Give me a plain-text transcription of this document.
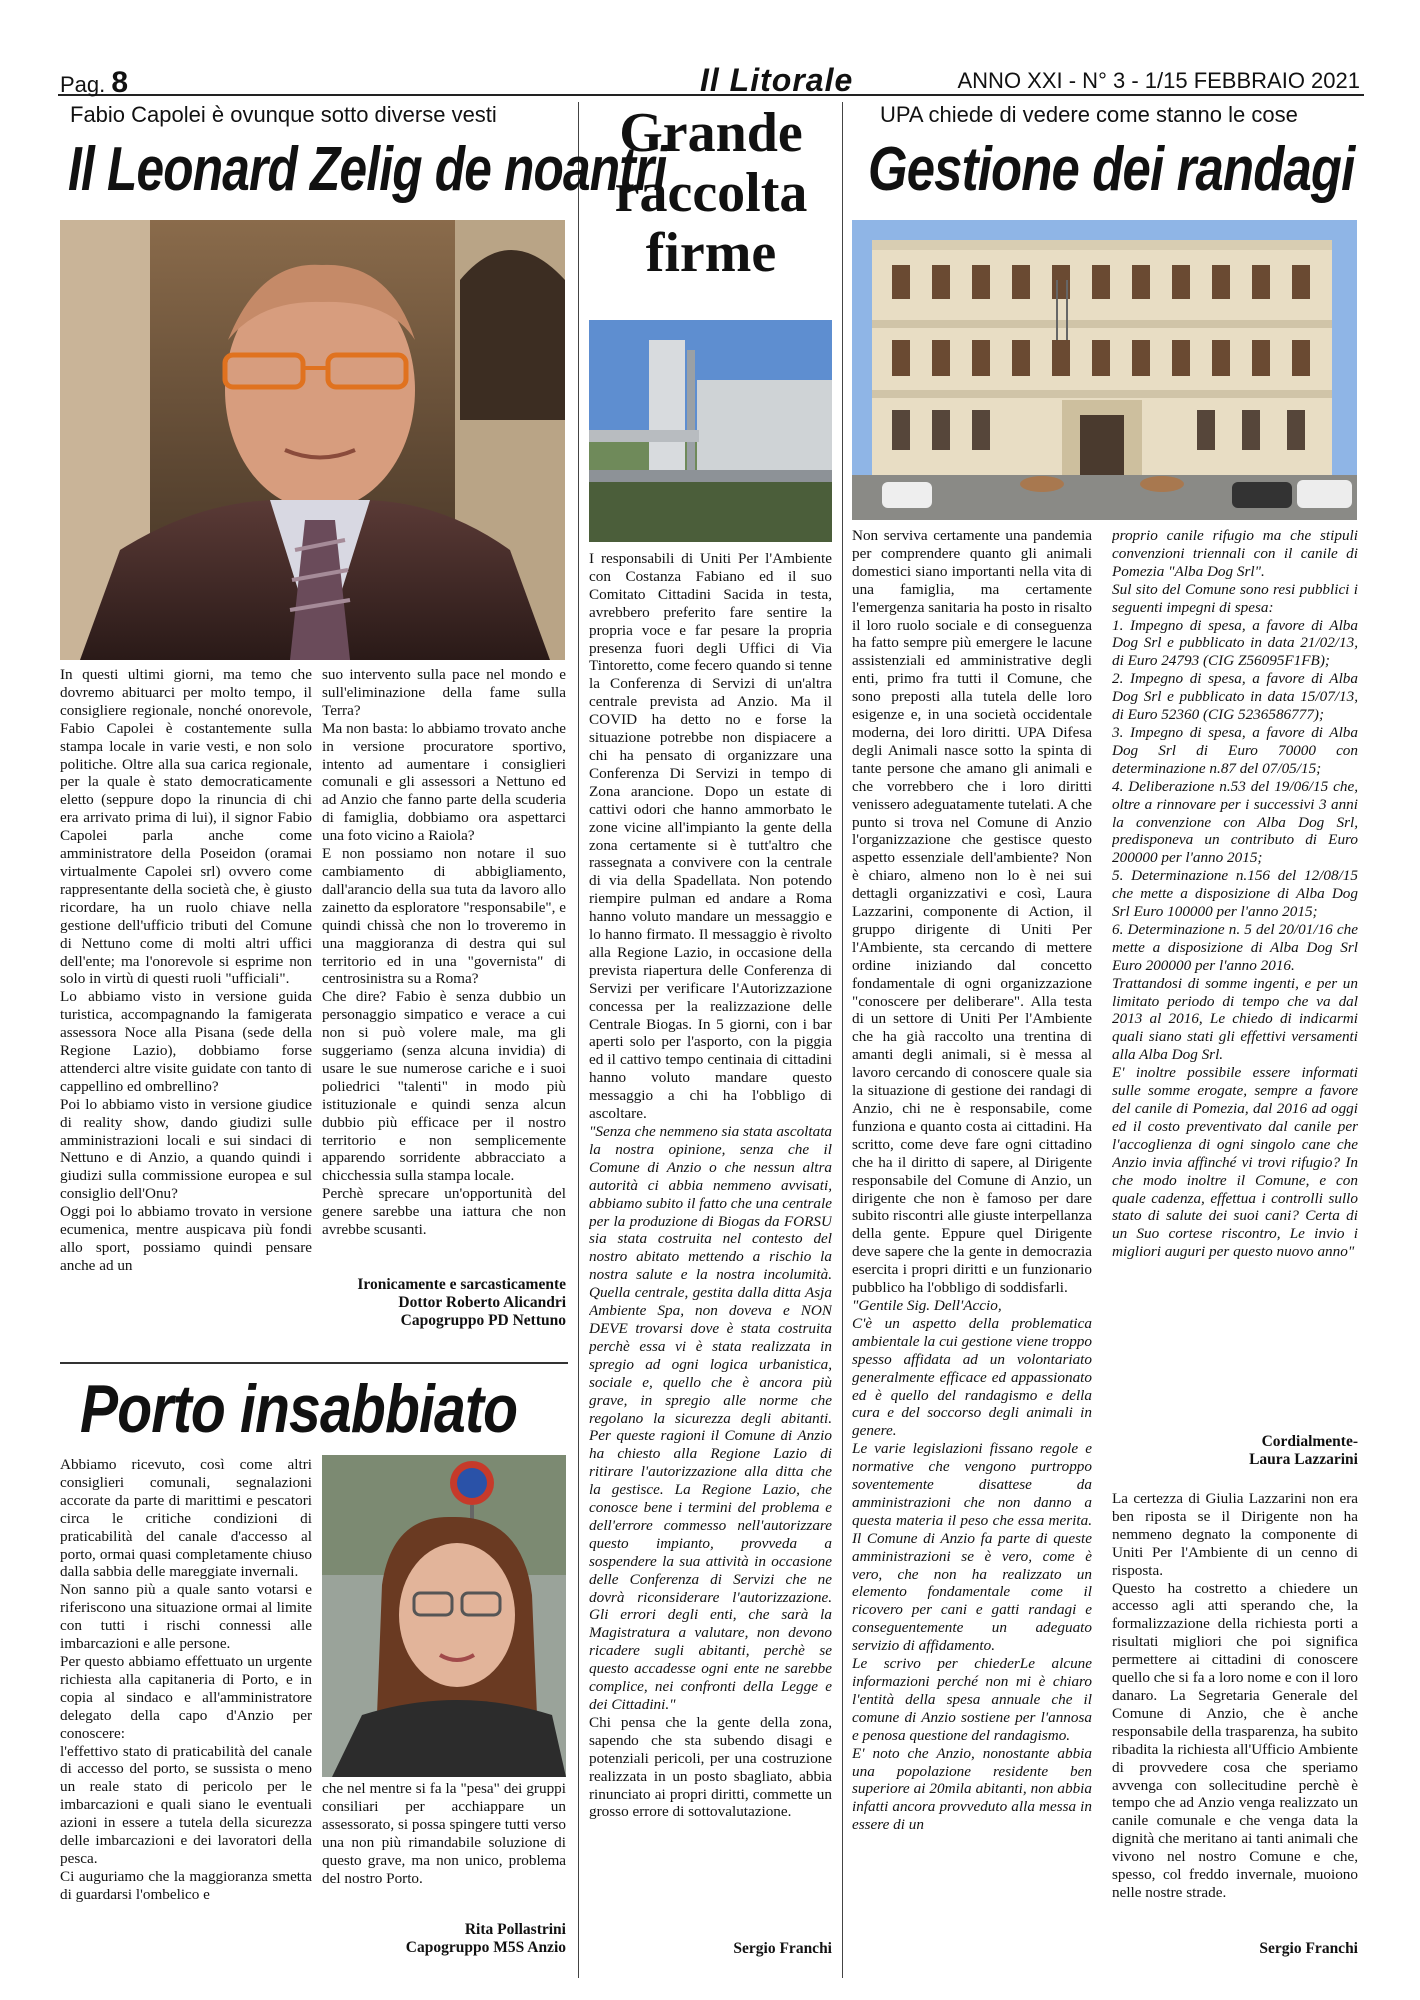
Pag. 8	Il Litorale	ANNO XXI - N° 3 - 1/15 FEBBRAIO 2021
Fabio Capolei è ovunque sotto diverse vesti
Il Leonard Zelig de noantri

In questi ultimi giorni, ma temo che dovremo abituarci per molto tempo, il consigliere regionale, nonché onorevole, Fabio Capolei è costantemente sulla stampa locale in varie vesti, e non solo politiche. Oltre alla sua carica regionale, per la quale è stato democraticamente eletto (seppure dopo la rinuncia di chi era arrivato prima di lui), il signor Fabio Capolei parla anche come amministratore della Poseidon (oramai virtualmente Capolei srl) ovvero come rappresentante della società che, è giusto ricordare, ha un ruolo chiave nella gestione dell'ufficio tributi del Comune di Nettuno come di molti altri uffici dell'ente; ma l'onorevole si esprime non solo in virtù di questi ruoli "ufficiali".

Lo abbiamo visto in versione guida turistica, accompagnando la famigerata assessora Noce alla Pisana (sede della Regione Lazio), dobbiamo forse attenderci altre visite guidate con tanto di cappellino ed ombrellino?

Poi lo abbiamo visto in versione giudice di reality show, dando giudizi sulle amministrazioni locali e sui sindaci di Nettuno e di Anzio, a quando quindi i giudizi sulla commissione europea e sul consiglio dell'Onu?

Oggi poi lo abbiamo trovato in versione ecumenica, mentre auspicava più fondi allo sport, possiamo quindi pensare anche ad un

suo intervento sulla pace nel mondo e sull'eliminazione della fame sulla Terra?

Ma non basta: lo abbiamo trovato anche in versione procuratore sportivo, intento ad aumentare i consiglieri comunali e gli assessori a Nettuno ed ad Anzio che fanno parte della scuderia di famiglia, dobbiamo ora aspettarci una foto vicino a Raiola?

E non possiamo non notare il suo cambiamento di abbigliamento, dall'arancio della sua tuta da lavoro allo zainetto da esploratore "responsabile", e quindi chissà che non lo troveremo in una maggioranza di destra qui sul territorio ed in una "governista" di centrosinistra su a Roma?

Che dire? Fabio è senza dubbio un personaggio simpatico e verace a cui non si può volere male, ma gli suggeriamo (senza alcuna invidia) di usare le sue numerose cariche e i suoi poliedrici "talenti" in modo più istituzionale e quindi senza alcun dubbio più efficace per il nostro territorio e non semplicemente apparendo sorridente abbracciato a chicchessia sulla stampa locale.

Perchè sprecare un'opportunità del genere sarebbe una iattura che non avrebbe scusanti.

Ironicamente e sarcasticamente
Dottor Roberto Alicandri
Capogruppo PD Nettuno
Porto insabbiato

Abbiamo ricevuto, così come altri consiglieri comunali, segnalazioni accorate da parte di marittimi e pescatori circa le critiche condizioni di praticabilità del canale d'accesso al porto, ormai quasi completamente chiuso dalla sabbia delle mareggiate invernali.

Non sanno più a quale santo votarsi e riferiscono una situazione ormai al limite con tutti i rischi connessi alle imbarcazioni e alle persone.

Per questo abbiamo effettuato un urgente richiesta alla capitaneria di Porto, e in copia al sindaco e all'amministratore delegato della capo d'Anzio per conoscere:

l'effettivo stato di praticabilità del canale di accesso del porto, se sussista o meno un reale stato di pericolo per le imbarcazioni e quali siano le eventuali azioni in essere a tutela della sicurezza delle imbarcazioni e dei lavoratori della pesca.

Ci auguriamo che la maggioranza smetta di guardarsi l'ombelico e

che nel mentre si fa la "pesa" dei gruppi consiliari per acchiappare un assessorato, si possa spingere tutti verso una non più rimandabile soluzione di questo grave, ma non unico, problema del nostro Porto.

Rita Pollastrini
Capogruppo M5S Anzio
Grande
raccolta
firme

I responsabili di Uniti Per l'Ambiente con Costanza Fabiano ed il suo Comitato Cittadini Sacida in testa, avrebbero preferito fare sentire la propria voce e far pesare la propria presenza fuori degli Uffici di Via Tintoretto, come fecero quando si tenne la Conferenza di Servizi di un'altra centrale prevista ad Anzio. Ma il COVID ha detto no e forse la situazione potrebbe non dispiacere a chi ha pensato di organizzare una Conferenza Di Servizi in tempo di Zona arancione. Dopo un estate di cattivi odori che hanno ammorbato le zone vicine all'impianto la gente della zona certamente si è tutt'altro che rassegnata a convivere con la centrale di via della Spadellata. Non potendo riempire pulman ed andare a Roma hanno voluto mandare un messaggio e lo hanno firmato. Il messaggio è rivolto alla Regione Lazio, in occasione della prevista riapertura delle Conferenza di Servizi per verificare l'Autorizzazione concessa per la realizzazione delle Centrale Biogas. In 5 giorni, con i bar aperti solo per l'asporto, con la piggia ed il cattivo tempo centinaia di cittadini hanno voluto mandare questo messaggio a chi ha l'obbligo di ascoltare.

"Senza che nemmeno sia stata ascoltata la nostra opinione, senza che il Comune di Anzio o che nessun altra autorità ci abbia nemmeno avvisati, abbiamo subito il fatto che una centrale per la produzione di Biogas da FORSU sia stata costruita nel contesto del nostro abitato mettendo a rischio la nostra salute e la nostra incolumità. Quella centrale, gestita dalla ditta Asja Ambiente Spa, non doveva e NON DEVE trovarsi dove è stata costruita perchè essa vi è stata realizzata in spregio ad ogni logica urbanistica, sociale e, quello che è ancora più grave, in spregio alle norme che regolano la sicurezza degli abitanti. Per queste ragioni il Comune di Anzio ha chiesto alla Regione Lazio di ritirare l'autorizzazione alla ditta che la gestisce. La Regione Lazio, che conosce bene i termini del problema e dell'errore commesso nell'autorizzare questo impianto, provveda a sospendere la sua attività in occasione delle Conferenza di Servizi che ne dovrà riconsiderare l'autorizzazione. Gli errori degli enti, che sarà la Magistratura a valutare, non devono ricadere sugli abitanti, perchè se questo accadesse ogni ente ne sarebbe complice, nei confronti della Legge e dei Cittadini."

Chi pensa che la gente della zona, sapendo che sta subendo disagi e potenziali pericoli, per una costruzione realizzata in un posto sbagliato, abbia rinunciato ai propri diritti, commette un grosso errore di sottovalutazione.

Sergio Franchi
UPA chiede di vedere come stanno le cose
Gestione dei randagi

Non serviva certamente una pandemia per comprendere quanto gli animali domestici siano importanti nella vita di una famiglia, ma certamente l'emergenza sanitaria ha posto in risalto il loro ruolo sociale e di conseguenza ha fatto sempre più emergere le lacune assistenziali ed amministrative degli enti, primo fra tutti il Comune, che sono preposti alla tutela delle loro esigenze e, in una società occidentale moderna, dei loro diritti. UPA Difesa degli Animali nasce sotto la spinta di tante persone che amano gli animali e che vorrebbero che i loro diritti venissero adeguatamente tutelati. A che punto si trova nel Comune di Anzio l'organizzazione che gestisce questo aspetto essenziale dell'ambiente? Non è chiaro, almeno non lo è nei sui dettagli organizzativi e così, Laura Lazzarini, componente di Action, il gruppo dirigente di Uniti Per l'Ambiente, sta cercando di mettere ordine iniziando dal concetto fondamentale di ogni organizzazione "conoscere per deliberare". Alla testa di un settore di Uniti Per l'Ambiente che ha già raccolto una trentina di amanti degli animali, si è messa al lavoro cercando di conoscere quale sia la situazione di gestione dei randagi di Anzio, chi ne è responsabile, come funziona e quanto costa ai cittadini. Ha scritto, come deve fare ogni cittadino che ha il diritto di sapere, al Dirigente responsabile del Comune di Anzio, un dirigente che non è famoso per dare subito riscontri alle giuste interpellanza della gente. Eppure quel Dirigente deve sapere che la gente in democrazia esercita i propri diritti e un funzionario pubblico ha l'obbligo di soddisfarli.

"Gentile Sig. Dell'Accio,

C'è un aspetto della problematica ambientale la cui gestione viene troppo spesso affidata ad un volontariato generalmente efficace ed appassionato ed è quello del randagismo e della cura e del soccorso degli animali in genere.

Le varie legislazioni fissano regole e normative che vengono purtroppo soventemente disattese da amministrazioni che non danno a questa materia il peso che essa merita. Il Comune di Anzio fa parte di queste amministrazioni se è vero, come è vero, che non ha realizzato un elemento fondamentale come il ricovero per cani e gatti randagi e conseguentemente un adeguato servizio di affidamento.

Le scrivo per chiederLe alcune informazioni perché non mi è chiaro l'entità della spesa annuale che il comune di Anzio sostiene per l'annosa e penosa questione del randagismo.

E' noto che Anzio, nonostante abbia una popolazione residente ben superiore ai 20mila abitanti, non abbia infatti ancora provveduto alla messa in essere di un

proprio canile rifugio ma che stipuli convenzioni triennali con il canile di Pomezia "Alba Dog Srl".

Sul sito del Comune sono resi pubblici i seguenti impegni di spesa:

1. Impegno di spesa, a favore di Alba Dog Srl e pubblicato in data 21/02/13, di Euro 24793 (CIG Z56095F1FB);

2. Impegno di spesa, a favore di Alba Dog Srl e pubblicato in data 15/07/13, di Euro 52360 (CIG 5236586777);

3. Impegno di spesa, a favore di Alba Dog Srl di Euro 70000 con determinazione n.87 del 07/05/15;

4. Deliberazione n.53 del 19/06/15 che, oltre a rinnovare per i successivi 3 anni la convenzione con Alba Dog Srl, predisponeva un contributo di Euro 200000 per l'anno 2015;

5. Determinazione n.156 del 12/08/15 che mette a disposizione di Alba Dog Srl Euro 100000 per l'anno 2015;

6. Determinazione n. 5 del 20/01/16 che mette a disposizione di Alba Dog Srl Euro 200000 per l'anno 2016.

Trattandosi di somme ingenti, e per un limitato periodo di tempo che va dal 2013 al 2016, Le chiedo di indicarmi quali siano stati gli effettivi versamenti alla Alba Dog Srl.

E' inoltre possibile essere informati sulle somme erogate, sempre a favore del canile di Pomezia, dal 2016 ad oggi ed il costo preventivato dal canile per l'accoglienza di ogni singolo cane che Anzio invia affinché vi trovi rifugio? In che modo inoltre il Comune, e con quale cadenza, effettua i controlli sullo stato di salute dei suoi cani? Certa di un Suo cortese riscontro, Le invio i migliori auguri per questo nuovo anno"

Cordialmente-
Laura Lazzarini

La certezza di Giulia Lazzarini non era ben riposta se il Dirigente non ha nemmeno degnato la componente di Uniti Per l'Ambiente di un cenno di risposta.

Questo ha costretto a chiedere un accesso agli atti sperando che, la formalizzazione della richiesta porti a risultati migliori che poi significa permettere ai cittadini di conoscere quello che si fa a loro nome e con il loro danaro. La Segretaria Generale del Comune di Anzio, che è anche responsabile della trasparenza, ha subito ribadita la richiesta all'Ufficio Ambiente di provvedere cosa che speriamo avvenga con sollecitudine perchè è tempo che ad Anzio venga realizzato un canile comunale e che venga data la dignità che meritano ai tanti animali che vivono nel nostro Comune e che, spesso, col freddo invernale, muoiono nelle nostre strade.

Sergio Franchi
